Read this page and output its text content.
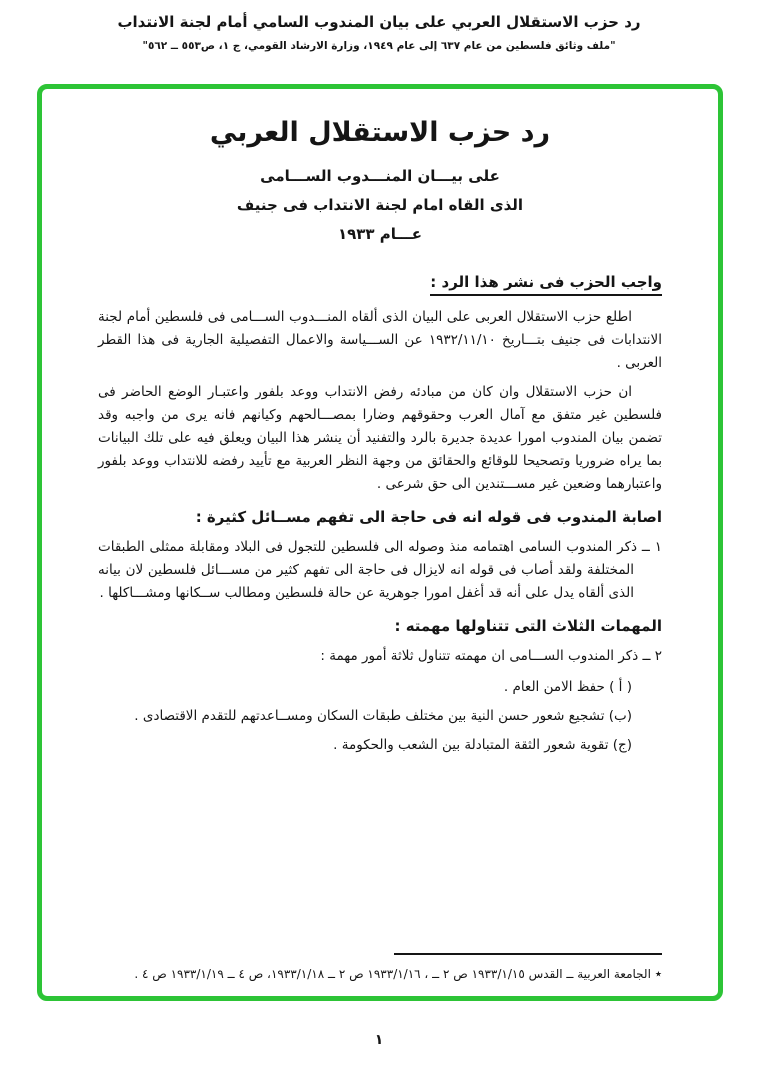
رد حزب الاستقلال العربي على بيان المندوب السامي أمام لجنة الانتداب
"ملف وثائق فلسطين من عام ٦٣٧ إلى عام ١٩٤٩، وزارة الارشاد القومي، ج ١، ص٥٥٣ ــ ٥٦٢"
رد حزب الاستقلال العربي
على بيـــان المنـــدوب الســـامى
الذى القاه امام لجنة الانتداب فى جنيف
عـــام ١٩٣٣
واجب الحزب فى نشر هذا الرد :

اطلع حزب الاستقلال العربى على البيان الذى ألقاه المنـــدوب الســـامى فى فلسطين أمام لجنة الانتدابات فى جنيف بتـــاريخ ١٩٣٢/١١/١٠ عن الســـياسة والاعمال التفصيلية الجارية فى هذا القطر العربى .

ان حزب الاستقلال وان كان من مبادئه رفض الانتداب ووعد بلفور واعتبـار الوضع الحاضر فى فلسطين غير متفق مع آمال العرب وحقوقهم وضارا بمصـــالحهم وكيانهم فانه يرى من واجبه وقد تضمن بيان المندوب امورا عديدة جديرة بالرد والتفنيد أن ينشر هذا البيان ويعلق فيه على تلك البيانات بما يراه ضروريا وتصحيحا للوقائع والحقائق من وجهة النظر العربية مع تأييد رفضه للانتداب ووعد بلفور واعتبارهما وضعين غير مســـتندين الى حق شرعى .

اصابة المندوب فى قوله انه فى حاجة الى تفهم مســائل كثيرة :

١ ــ ذكر المندوب السامى اهتمامه منذ وصوله الى فلسطين للتجول فى البلاد ومقابلة ممثلى الطبقات المختلفة ولقد أصاب فى قوله انه لايزال فى حاجة الى تفهم كثير من مســـائل فلسطين لان بيانه الذى ألقاه يدل على أنه قد أغفل امورا جوهرية عن حالة فلسطين ومطالب ســكانها ومشـــاكلها .

المهمات الثلاث التى تتناولها مهمته :

٢ ــ ذكر المندوب الســـامى ان مهمته تتناول ثلاثة أمور مهمة :

( أ ) حفظ الامن العام .

(ب) تشجيع شعور حسن النية بين مختلف طبقات السكان ومســاعدتهم للتقدم الاقتصادى .

(ج) تقوية شعور الثقة المتبادلة بين الشعب والحكومة .

٭الجامعة العربية ــ القدس ١٩٣٣/١/١٥ ص ٢ ــ ، ١٩٣٣/١/١٦ ص ٢ ــ ١٩٣٣/١/١٨، ص ٤ ــ ١٩٣٣/١/١٩ ص ٤ .

١
